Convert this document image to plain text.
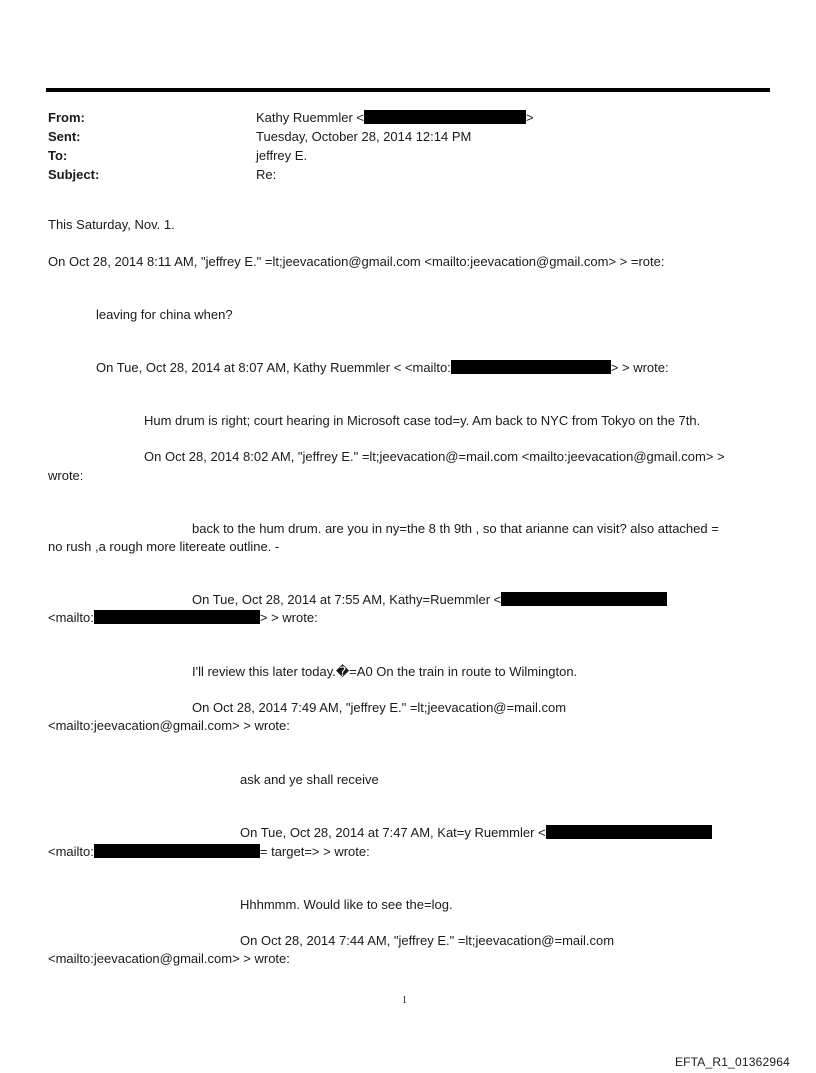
From:	Kathy Ruemmler <	>
Sent:	Tuesday, October 28, 2014 12:14 PM
To:	jeffrey E.
Subject:	Re:
This Saturday, Nov. 1.
On Oct 28, 2014 8:11 AM, "jeffrey E." =lt;jeevacation@gmail.com <mailto:jeevacation@gmail.com> > =rote:
leaving for china when?
On Tue, Oct 28, 2014 at 8:07 AM, Kathy Ruemmler < <mailto:	> > wrote:
Hum drum is right; court hearing in Microsoft case tod=y. Am back to NYC from Tokyo on the 7th.
On Oct 28, 2014 8:02 AM, "jeffrey E." =lt;jeevacation@=mail.com <mailto:jeevacation@gmail.com> >
wrote:
back to the hum drum. are you in ny=the 8 th 9th , so that arianne can visit? also attached =
no rush ,a rough more litereate outline. -
On Tue, Oct 28, 2014 at 7:55 AM, Kathy=Ruemmler <
<mailto:	> > wrote:
I'll review this later today.�=A0 On the train in route to Wilmington.
On Oct 28, 2014 7:49 AM, "jeffrey E." =lt;jeevacation@=mail.com
<mailto:jeevacation@gmail.com> > wrote:
ask and ye shall receive
On Tue, Oct 28, 2014 at 7:47 AM, Kat=y Ruemmler <
<mailto:	= target=> > wrote:
Hhhmmm. Would like to see the=log.
On Oct 28, 2014 7:44 AM, "jeffrey E." =lt;jeevacation@=mail.com
<mailto:jeevacation@gmail.com> > wrote:
1
EFTA_R1_01362964
